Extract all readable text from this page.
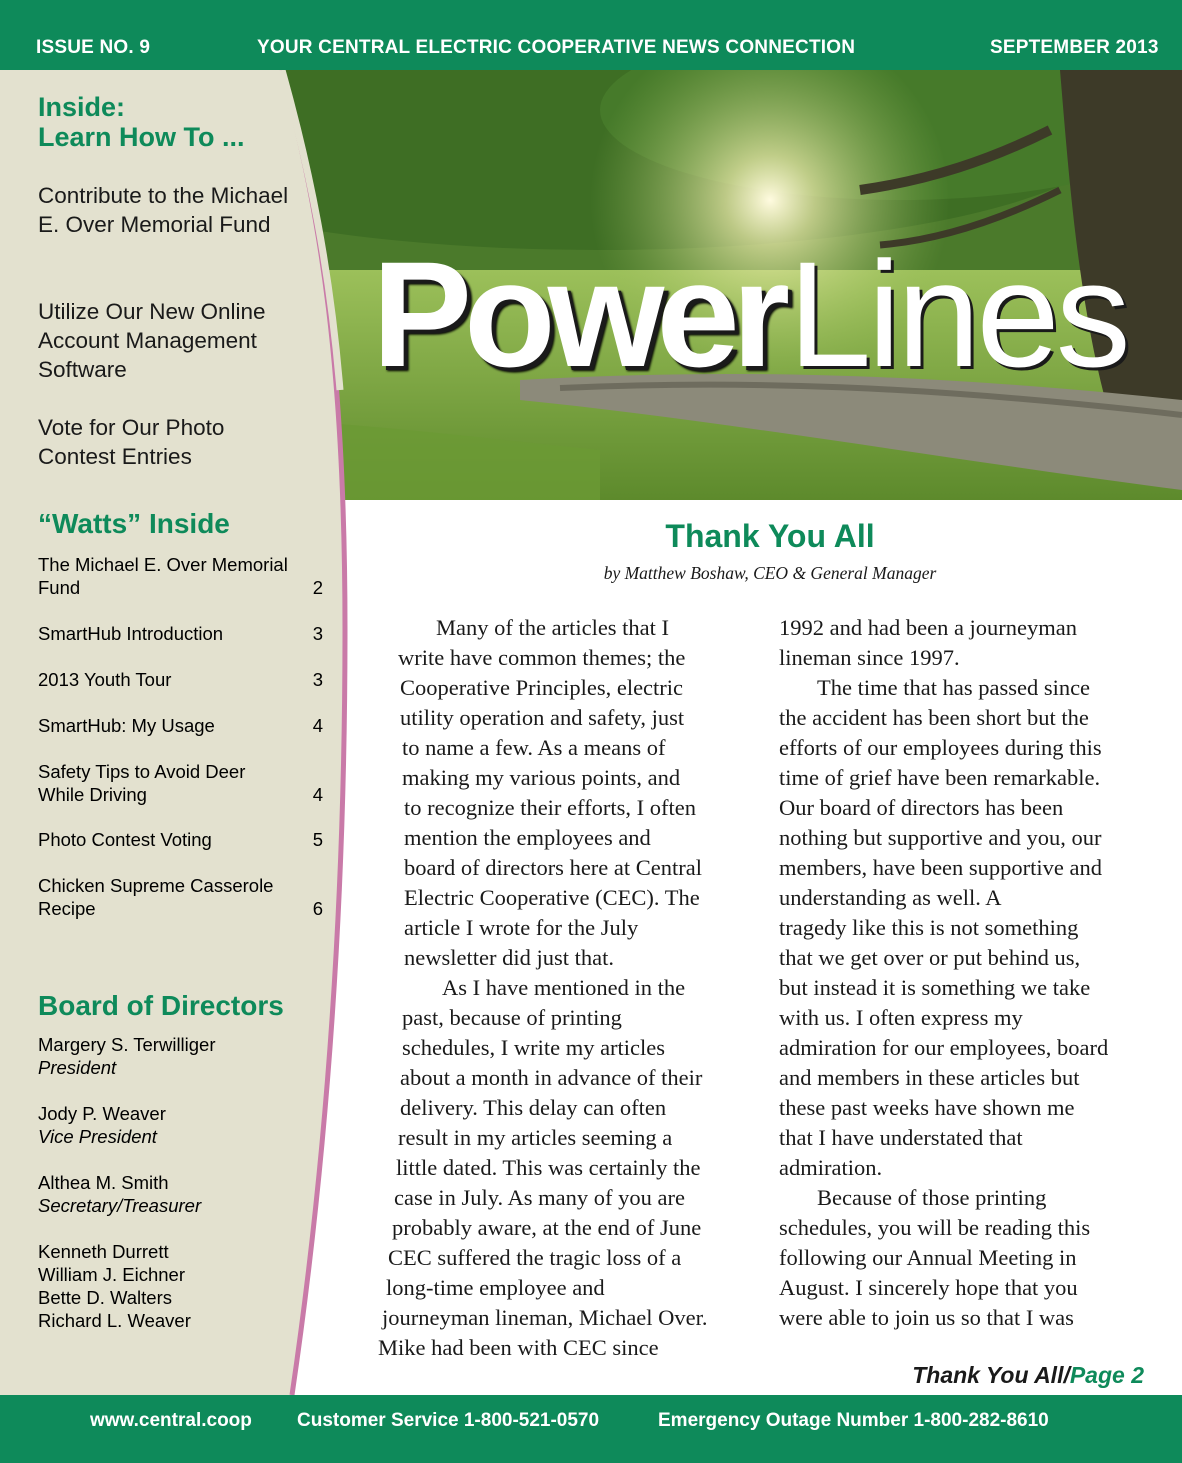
ISSUE NO. 9	YOUR CENTRAL ELECTRIC COOPERATIVE NEWS CONNECTION	SEPTEMBER 2013
PowerLines
Inside:
Learn How To ...
Contribute to the Michael E. Over Memorial Fund
Utilize Our New Online Account Management Software
Vote for Our Photo Contest Entries
“Watts” Inside
The Michael E. Over Memorial Fund	2
SmartHub Introduction	3
2013 Youth Tour	3
SmartHub: My Usage	4
Safety Tips to Avoid Deer While Driving	4
Photo Contest Voting	5
Chicken Supreme Casserole Recipe	6
Board of Directors
Margery S. Terwilliger
President
Jody P. Weaver
Vice President
Althea M. Smith
Secretary/Treasurer
Kenneth Durrett
William J. Eichner
Bette D. Walters
Richard L. Weaver
Thank You All
by Matthew Boshaw, CEO & General Manager
Many of the articles that I
write have common themes; the
Cooperative Principles, electric
utility operation and safety, just
to name a few. As a means of
making my various points, and
to recognize their efforts, I often
mention the employees and
board of directors here at Central
Electric Cooperative (CEC). The
article I wrote for the July
newsletter did just that.
As I have mentioned in the
past, because of printing
schedules, I write my articles
about a month in advance of their
delivery. This delay can often
result in my articles seeming a
little dated. This was certainly the
case in July. As many of you are
probably aware, at the end of June
CEC suffered the tragic loss of a
long-time employee and
journeyman lineman, Michael Over.
Mike had been with CEC since
1992 and had been a journeyman
lineman since 1997.
The time that has passed since
the accident has been short but the
efforts of our employees during this
time of grief have been remarkable.
Our board of directors has been
nothing but supportive and you, our
members, have been supportive and
understanding as well. A
tragedy like this is not something
that we get over or put behind us,
but instead it is something we take
with us. I often express my
admiration for our employees, board
and members in these articles but
these past weeks have shown me
that I have understated that
admiration.
Because of those printing
schedules, you will be reading this
following our Annual Meeting in
August. I sincerely hope that you
were able to join us so that I was
Thank You All/Page 2
www.central.coop Customer Service 1-800-521-0570	Emergency Outage Number 1-800-282-8610
